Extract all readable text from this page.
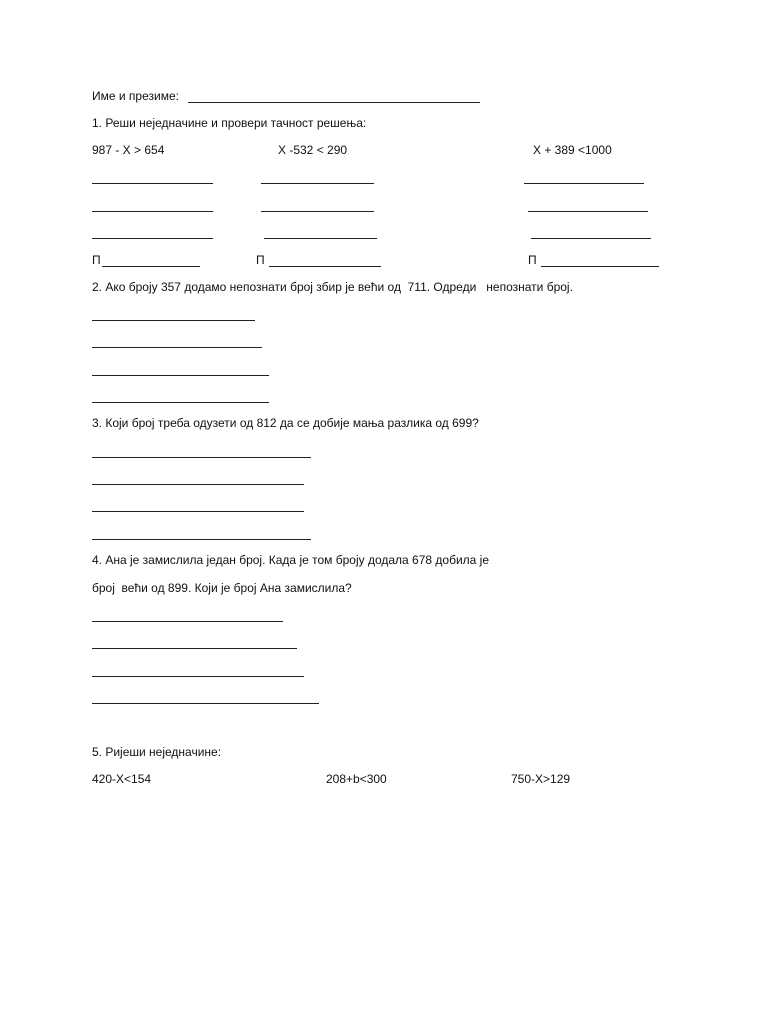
Име и презиме:
1. Реши неједначине и провери тачност решења:
987 - X > 654	X -532 < 290	X + 389 <1000
П	П	П
2. Ако броју 357 додамо непознати број збир је већи од  711. Одреди   непознати број.
3. Који број треба одузети од 812 да се добије мања разлика од 699?
4. Ана је замислила један број. Када је том броју додала 678 добила је
број  већи од 899. Који је број Ана замислила?
5. Ријеши неједначине:
420-X<154	208+b<300	750-X>129
